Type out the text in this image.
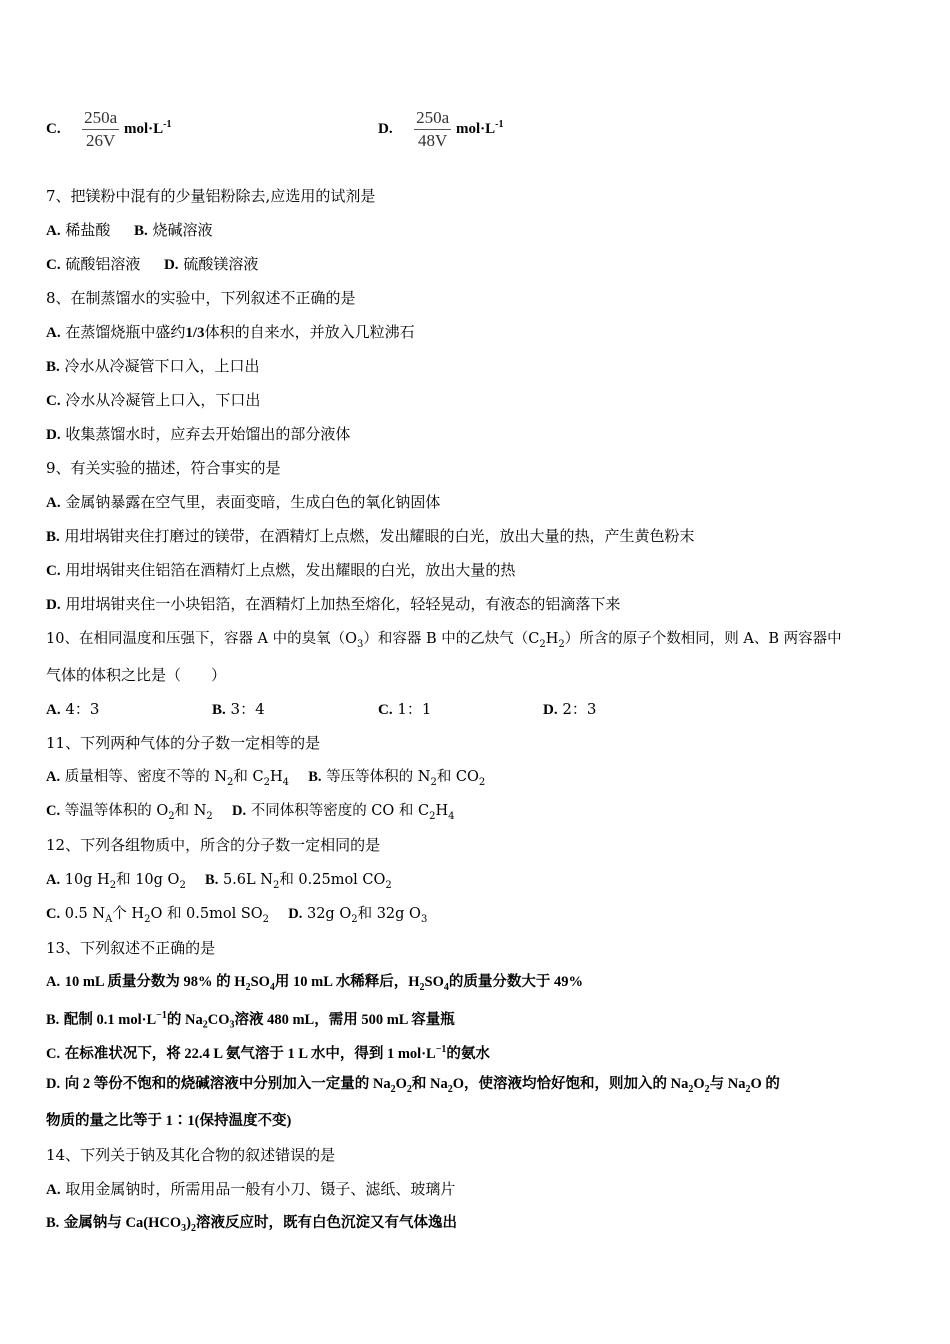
C. $\frac{250a}{26V} mol\cdot L^{-1}$	D. $\frac{250a}{48V} mol\cdot L^{-1}$
7、把镁粉中混有的少量铝粉除去,应选用的试剂是
A. 稀盐酸 B. 烧碱溶液
C. 硫酸铝溶液 D. 硫酸镁溶液
8、在制蒸馏水的实验中，下列叙述不正确的是
A. 在蒸馏烧瓶中盛约1/3体积的自来水，并放入几粒沸石
B. 冷水从冷凝管下口入，上口出
C. 冷水从冷凝管上口入，下口出
D. 收集蒸馏水时，应弃去开始馏出的部分液体
9、有关实验的描述，符合事实的是
A. 金属钠暴露在空气里，表面变暗，生成白色的氧化钠固体
B. 用坩埚钳夹住打磨过的镁带，在酒精灯上点燃，发出耀眼的白光，放出大量的热，产生黄色粉末
C. 用坩埚钳夹住铝箔在酒精灯上点燃，发出耀眼的白光，放出大量的热
D. 用坩埚钳夹住一小块铝箔，在酒精灯上加热至熔化，轻轻晃动，有液态的铝滴落下来
10、在相同温度和压强下，容器 A 中的臭氧$(O_3)$和容器 B 中的乙炔气$(C_2H_2)$所含的原子个数相同，则 A、B 两容器中
气体的体积之比是（　　）
A. 4：3	B. 3：4	C. 1：1	D. 2：3
11、下列两种气体的分子数一定相等的是
A. 质量相等、密度不等的 $N_2$和 $C_2H_4$ B. 等压等体积的 $N_2$和 $CO_2$
C. 等温等体积的 $O_2$和 $N_2$ D. 不同体积等密度的 CO 和 $C_2H_4$
12、下列各组物质中，所含的分子数一定相同的是
A. 10g $H_2$和 10g $O_2$ B. 5.6L $N_2$和 0.25mol $CO_2$
C. 0.5 $N_A$个 $H_2O$ 和 0.5mol $SO_2$ D. 32g $O_2$和 32g $O_3$
13、下列叙述不正确的是
A. 10 mL 质量分数为 98% 的 $H_2SO_4$用 10 mL 水稀释后，$H_2SO_4$的质量分数大于 49%
B. 配制 0.1 $mol\cdot L^{-1}$的 $Na_2CO_3$溶液 480 mL，需用 500 mL 容量瓶
C. 在标准状况下，将 22.4 L 氨气溶于 1 L 水中，得到 1 $mol\cdot L^{-1}$的氨水
D. 向 2 等份不饱和的烧碱溶液中分别加入一定量的 $Na_2O_2$和 $Na_2O$，使溶液均恰好饱和，则加入的 $Na_2O_2$与 $Na_2O$ 的
物质的量之比等于 1∶1(保持温度不变)
14、下列关于钠及其化合物的叙述错误的是
A. 取用金属钠时，所需用品一般有小刀、镊子、滤纸、玻璃片
B. 金属钠与 $Ca(HCO_3)_2$溶液反应时，既有白色沉淀又有气体逸出
